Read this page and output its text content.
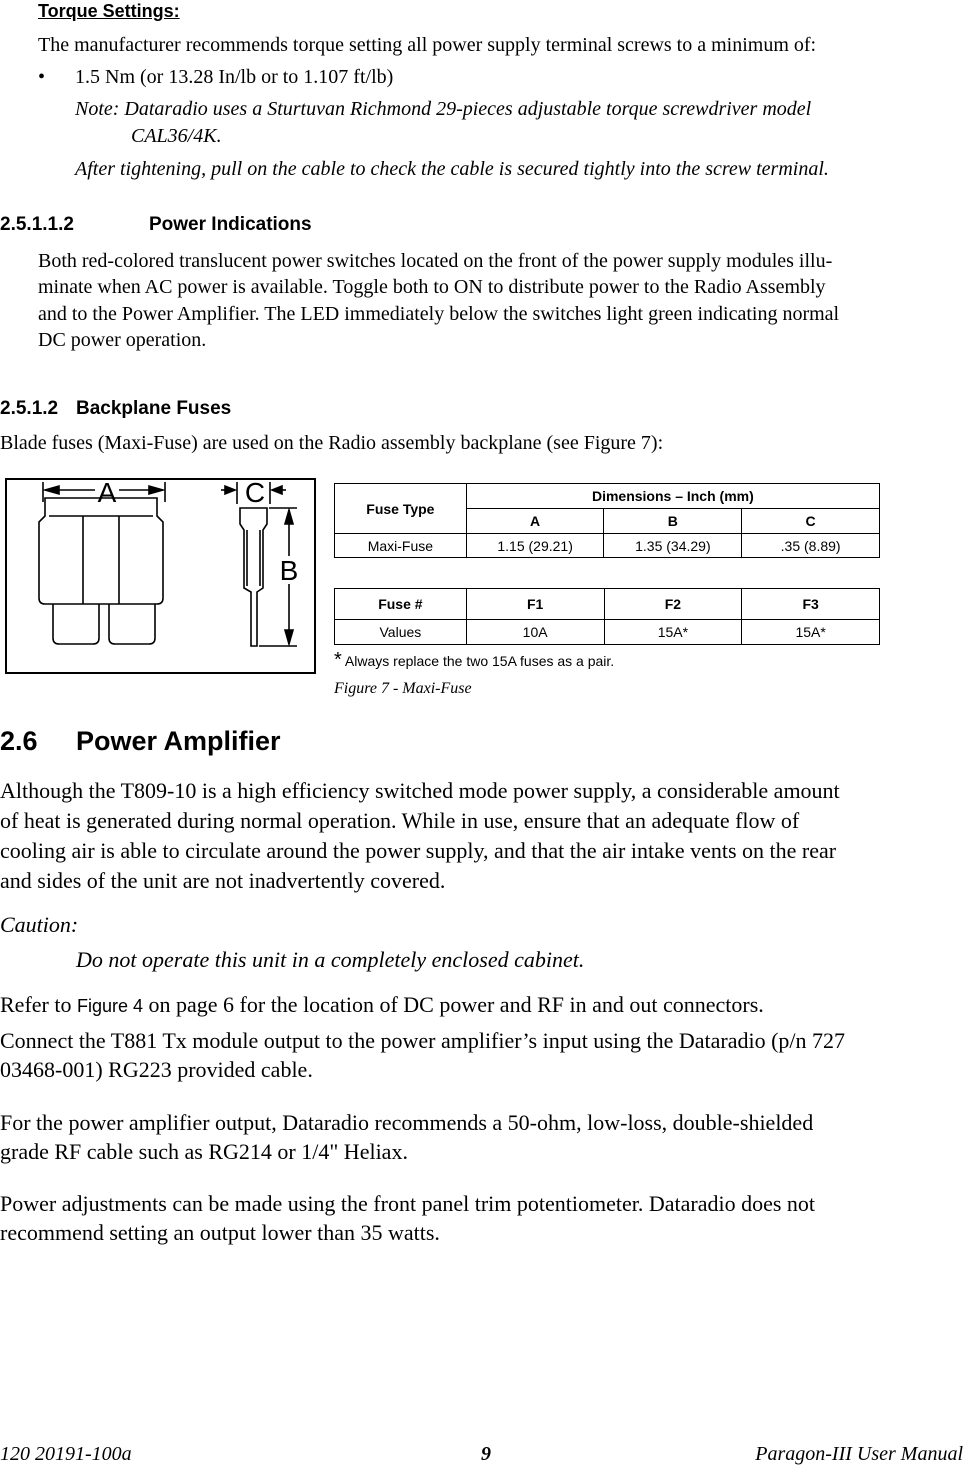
Torque Settings:
The manufacturer recommends torque setting all power supply terminal screws to a minimum of:
• 1.5 Nm (or 13.28 In/lb or to 1.107 ft/lb)
Note: Dataradio uses a Sturtuvan Richmond 29-pieces adjustable torque screwdriver model
CAL36/4K.
After tightening, pull on the cable to check the cable is secured tightly into the screw terminal.
2.5.1.1.2	Power Indications
Both red-colored translucent power switches located on the front of the power supply modules illu-
minate when AC power is available. Toggle both to ON to distribute power to the Radio Assembly
and to the Power Amplifier. The LED immediately below the switches light green indicating normal
DC power operation.
2.5.1.2 Backplane Fuses
Blade fuses (Maxi-Fuse) are used on the Radio assembly backplane (see Figure 7):
A	C
B
Fuse Type	Dimensions – Inch (mm)		
	A	B	C
Maxi-Fuse	1.15 (29.21)	1.35 (34.29)	.35 (8.89)
Fuse #	F1	F2	F3
Values	10A	15A*	15A*
* Always replace the two 15A fuses as a pair.
Figure 7 - Maxi-Fuse
2.6 Power Amplifier
Although the T809-10 is a high efficiency switched mode power supply, a considerable amount
of heat is generated during normal operation. While in use, ensure that an adequate flow of
cooling air is able to circulate around the power supply, and that the air intake vents on the rear
and sides of the unit are not inadvertently covered.
Caution:
Do not operate this unit in a completely enclosed cabinet.
Refer to Figure 4 on page 6 for the location of DC power and RF in and out connectors.
Connect the T881 Tx module output to the power amplifier’s input using the Dataradio (p/n 727
03468-001) RG223 provided cable.
For the power amplifier output, Dataradio recommends a 50-ohm, low-loss, double-shielded
grade RF cable such as RG214 or 1/4" Heliax.
Power adjustments can be made using the front panel trim potentiometer. Dataradio does not
recommend setting an output lower than 35 watts.
120 20191-100a	9	Paragon-III User Manual
